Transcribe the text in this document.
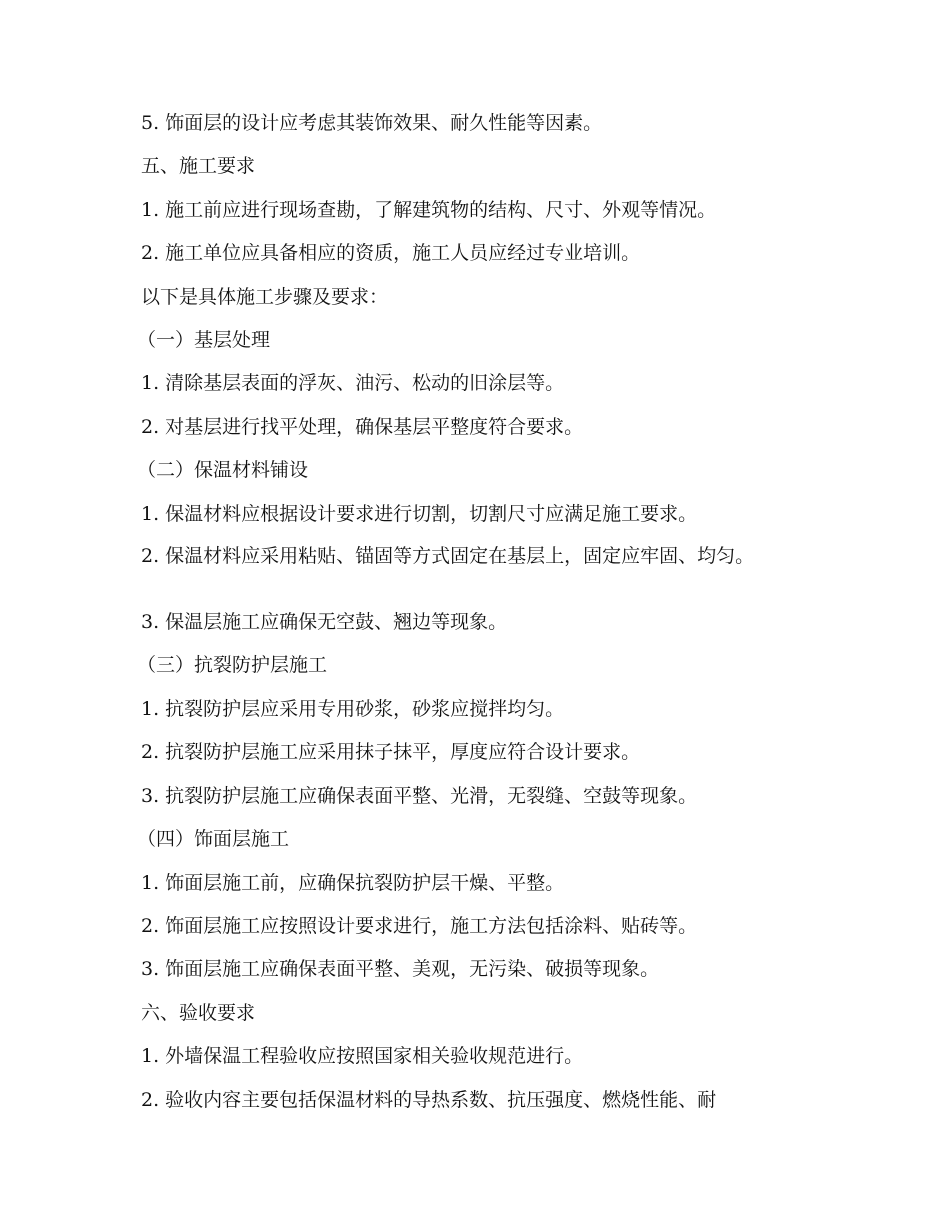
5. 饰面层的设计应考虑其装饰效果、耐久性能等因素。
五、施工要求
1. 施工前应进行现场查勘，了解建筑物的结构、尺寸、外观等情况。
2. 施工单位应具备相应的资质，施工人员应经过专业培训。
以下是具体施工步骤及要求：
（一）基层处理
1. 清除基层表面的浮灰、油污、松动的旧涂层等。
2. 对基层进行找平处理，确保基层平整度符合要求。
（二）保温材料铺设
1. 保温材料应根据设计要求进行切割，切割尺寸应满足施工要求。
2. 保温材料应采用粘贴、锚固等方式固定在基层上，固定应牢固、均匀。
3. 保温层施工应确保无空鼓、翘边等现象。
（三）抗裂防护层施工
1. 抗裂防护层应采用专用砂浆，砂浆应搅拌均匀。
2. 抗裂防护层施工应采用抹子抹平，厚度应符合设计要求。
3. 抗裂防护层施工应确保表面平整、光滑，无裂缝、空鼓等现象。
（四）饰面层施工
1. 饰面层施工前，应确保抗裂防护层干燥、平整。
2. 饰面层施工应按照设计要求进行，施工方法包括涂料、贴砖等。
3. 饰面层施工应确保表面平整、美观，无污染、破损等现象。
六、验收要求
1. 外墙保温工程验收应按照国家相关验收规范进行。
2. 验收内容主要包括保温材料的导热系数、抗压强度、燃烧性能、耐
